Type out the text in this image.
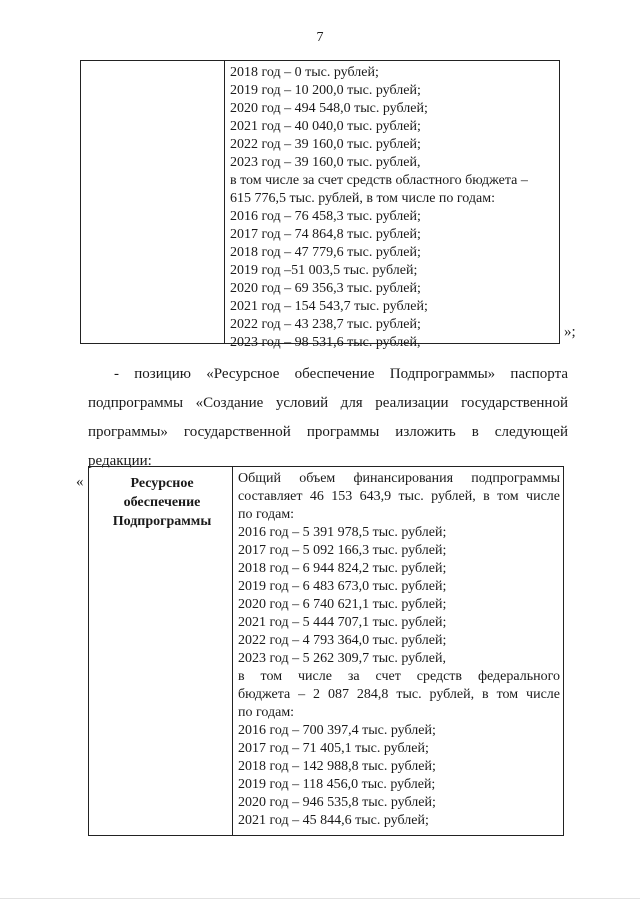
7
2018 год – 0 тыс. рублей;
2019 год – 10 200,0 тыс. рублей;
2020 год – 494 548,0 тыс. рублей;
2021 год – 40 040,0 тыс. рублей;
2022 год – 39 160,0 тыс. рублей;
2023 год – 39 160,0 тыс. рублей,
в том числе за счет средств областного бюджета –
615 776,5 тыс. рублей, в том числе по годам:
2016 год – 76 458,3 тыс. рублей;
2017 год – 74 864,8 тыс. рублей;
2018 год – 47 779,6 тыс. рублей;
2019 год –51 003,5 тыс. рублей;
2020 год – 69 356,3 тыс. рублей;
2021 год – 154 543,7 тыс. рублей;
2022 год – 43 238,7 тыс. рублей;
2023 год – 98 531,6 тыс. рублей,
»;
- позицию «Ресурсное обеспечение Подпрограммы» паспорта
подпрограммы «Создание условий для реализации государственной
программы» государственной программы изложить в следующей
редакции:
«	Ресурсное
обеспечение
Подпрограммы
Общий объем финансирования подпрограммы
составляет 46 153 643,9 тыс. рублей, в том числе
по годам:
2016 год – 5 391 978,5 тыс. рублей;
2017 год – 5 092 166,3 тыс. рублей;
2018 год – 6 944 824,2 тыс. рублей;
2019 год – 6 483 673,0 тыс. рублей;
2020 год – 6 740 621,1 тыс. рублей;
2021 год – 5 444 707,1 тыс. рублей;
2022 год – 4 793 364,0 тыс. рублей;
2023 год – 5 262 309,7 тыс. рублей,
в том числе за счет средств федерального
бюджета – 2 087 284,8 тыс. рублей, в том числе
по годам:
2016 год – 700 397,4 тыс. рублей;
2017 год – 71 405,1 тыс. рублей;
2018 год – 142 988,8 тыс. рублей;
2019 год – 118 456,0 тыс. рублей;
2020 год – 946 535,8 тыс. рублей;
2021 год – 45 844,6 тыс. рублей;
